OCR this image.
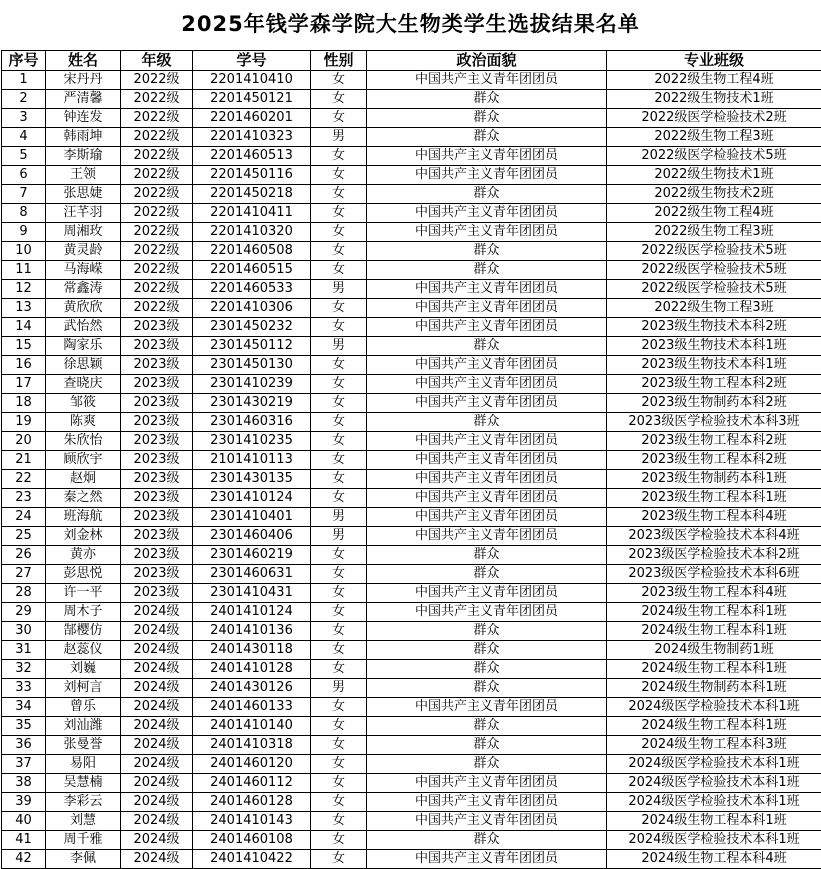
2025年钱学森学院大生物类学生选拔结果名单
序号	姓名	年级	学号	性别	政治面貌	专业班级
1	宋丹丹	2022级	2201410410	女	中国共产主义青年团团员	2022级生物工程4班
2	严清馨	2022级	2201450121	女	群众	2022级生物技术1班
3	钟连发	2022级	2201460201	女	群众	2022级医学检验技术2班
4	韩雨坤	2022级	2201410323	男	群众	2022级生物工程3班
5	李斯瑜	2022级	2201460513	女	中国共产主义青年团团员	2022级医学检验技术5班
6	王领	2022级	2201450116	女	中国共产主义青年团团员	2022级生物技术1班
7	张思婕	2022级	2201450218	女	群众	2022级生物技术2班
8	汪芊羽	2022级	2201410411	女	中国共产主义青年团团员	2022级生物工程4班
9	周湘玫	2022级	2201410320	女	中国共产主义青年团团员	2022级生物工程3班
10	黄灵龄	2022级	2201460508	女	群众	2022级医学检验技术5班
11	马海嵘	2022级	2201460515	女	群众	2022级医学检验技术5班
12	常鑫涛	2022级	2201460533	男	中国共产主义青年团团员	2022级医学检验技术5班
13	黄欣欣	2022级	2201410306	女	中国共产主义青年团团员	2022级生物工程3班
14	武怡然	2023级	2301450232	女	中国共产主义青年团团员	2023级生物技术本科2班
15	陶家乐	2023级	2301450112	男	群众	2023级生物技术本科1班
16	徐思颖	2023级	2301450130	女	中国共产主义青年团团员	2023级生物技术本科1班
17	查晓庆	2023级	2301410239	女	中国共产主义青年团团员	2023级生物工程本科2班
18	邹筱	2023级	2301430219	女	中国共产主义青年团团员	2023级生物制药本科2班
19	陈爽	2023级	2301460316	女	群众	2023级医学检验技术本科3班
20	朱欣怡	2023级	2301410235	女	中国共产主义青年团团员	2023级生物工程本科2班
21	顾欣宇	2023级	2101410113	女	中国共产主义青年团团员	2023级生物工程本科2班
22	赵炯	2023级	2301430135	女	中国共产主义青年团团员	2023级生物制药本科1班
23	秦之然	2023级	2301410124	女	中国共产主义青年团团员	2023级生物工程本科1班
24	班海航	2023级	2301410401	男	中国共产主义青年团团员	2023级生物工程本科4班
25	刘金林	2023级	2301460406	男	中国共产主义青年团团员	2023级医学检验技术本科4班
26	黄亦	2023级	2301460219	女	群众	2023级医学检验技术本科2班
27	彭思悦	2023级	2301460631	女	群众	2023级医学检验技术本科6班
28	许一平	2023级	2301410431	女	中国共产主义青年团团员	2023级生物工程本科4班
29	周木子	2024级	2401410124	女	中国共产主义青年团团员	2024级生物工程本科1班
30	郜樱仿	2024级	2401410136	女	群众	2024级生物工程本科1班
31	赵蕊仪	2024级	2401430118	女	群众	2024级生物制药1班
32	刘巍	2024级	2401410128	女	群众	2024级生物工程本科1班
33	刘柯言	2024级	2401430126	男	群众	2024级生物制药本科1班
34	曾乐	2024级	2401460133	女	中国共产主义青年团团员	2024级医学检验技术本科1班
35	刘汕潍	2024级	2401410140	女	群众	2024级生物工程本科1班
36	张曼誉	2024级	2401410318	女	群众	2024级生物工程本科3班
37	易阳	2024级	2401460120	女	群众	2024级医学检验技术本科1班
38	吴慧楠	2024级	2401460112	女	中国共产主义青年团团员	2024级医学检验技术本科1班
39	李彩云	2024级	2401460128	女	中国共产主义青年团团员	2024级医学检验技术本科1班
40	刘慧	2024级	2401410143	女	中国共产主义青年团团员	2024级生物工程本科1班
41	周千雅	2024级	2401460108	女	群众	2024级医学检验技术本科1班
42	李佩	2024级	2401410422	女	中国共产主义青年团团员	2024级生物工程本科4班
